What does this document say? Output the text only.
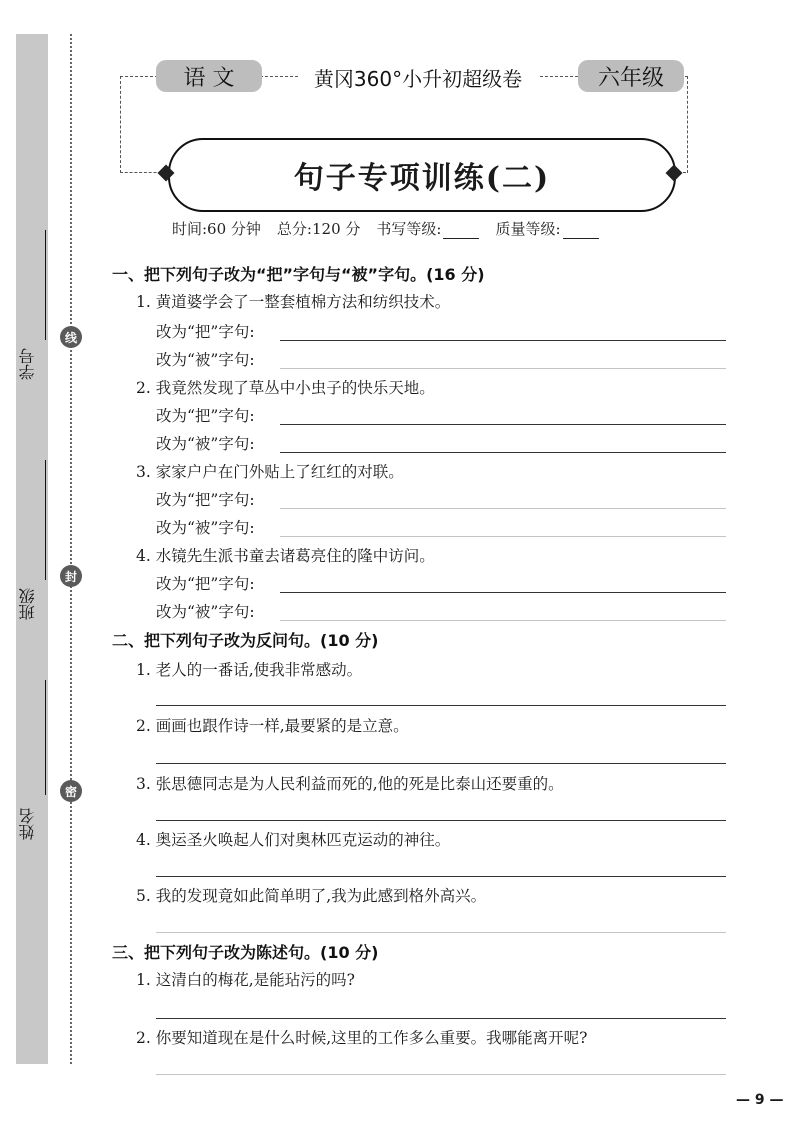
学号
班级
姓名
线
封
密
语 文	黄冈360°小升初超级卷	六年级
句子专项训练(二)
时间:60 分钟 总分:120 分 书写等级:	质量等级:
一、把下列句子改为“把”字句与“被”字句。(16 分)
1. 黄道婆学会了一整套植棉方法和纺织技术。
改为“把”字句:
改为“被”字句:
2. 我竟然发现了草丛中小虫子的快乐天地。
改为“把”字句:
改为“被”字句:
3. 家家户户在门外贴上了红红的对联。
改为“把”字句:
改为“被”字句:
4. 水镜先生派书童去诸葛亮住的隆中访问。
改为“把”字句:
改为“被”字句:
二、把下列句子改为反问句。(10 分)
1. 老人的一番话,使我非常感动。
2. 画画也跟作诗一样,最要紧的是立意。
3. 张思德同志是为人民利益而死的,他的死是比泰山还要重的。
4. 奥运圣火唤起人们对奥林匹克运动的神往。
5. 我的发现竟如此简单明了,我为此感到格外高兴。
三、把下列句子改为陈述句。(10 分)
1. 这清白的梅花,是能玷污的吗?
2. 你要知道现在是什么时候,这里的工作多么重要。我哪能离开呢?
— 9 —
